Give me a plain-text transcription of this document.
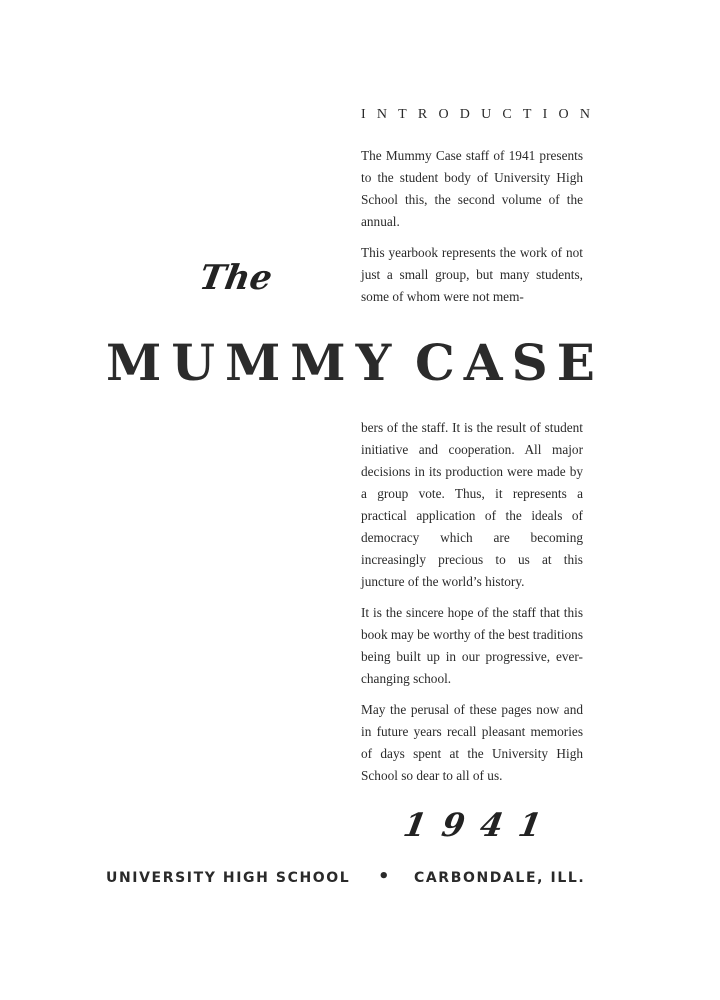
INTRODUCTION

The Mummy Case staff of 1941 presents to the student body of University High School this, the second volume of the annual.

This yearbook represents the work of not just a small group, but many students, some of whom were not mem-

The
MUMMY CASE

bers of the staff. It is the result of student initiative and cooperation. All major decisions in its production were made by a group vote. Thus, it represents a practical application of the ideals of democracy which are becoming increasingly precious to us at this juncture of the world’s history.

It is the sincere hope of the staff that this book may be worthy of the best traditions being built up in our progressive, ever-changing school.

May the perusal of these pages now and in future years recall pleasant memories of days spent at the University High School so dear to all of us.

1941
UNIVERSITY HIGH SCHOOL • CARBONDALE, ILL.
